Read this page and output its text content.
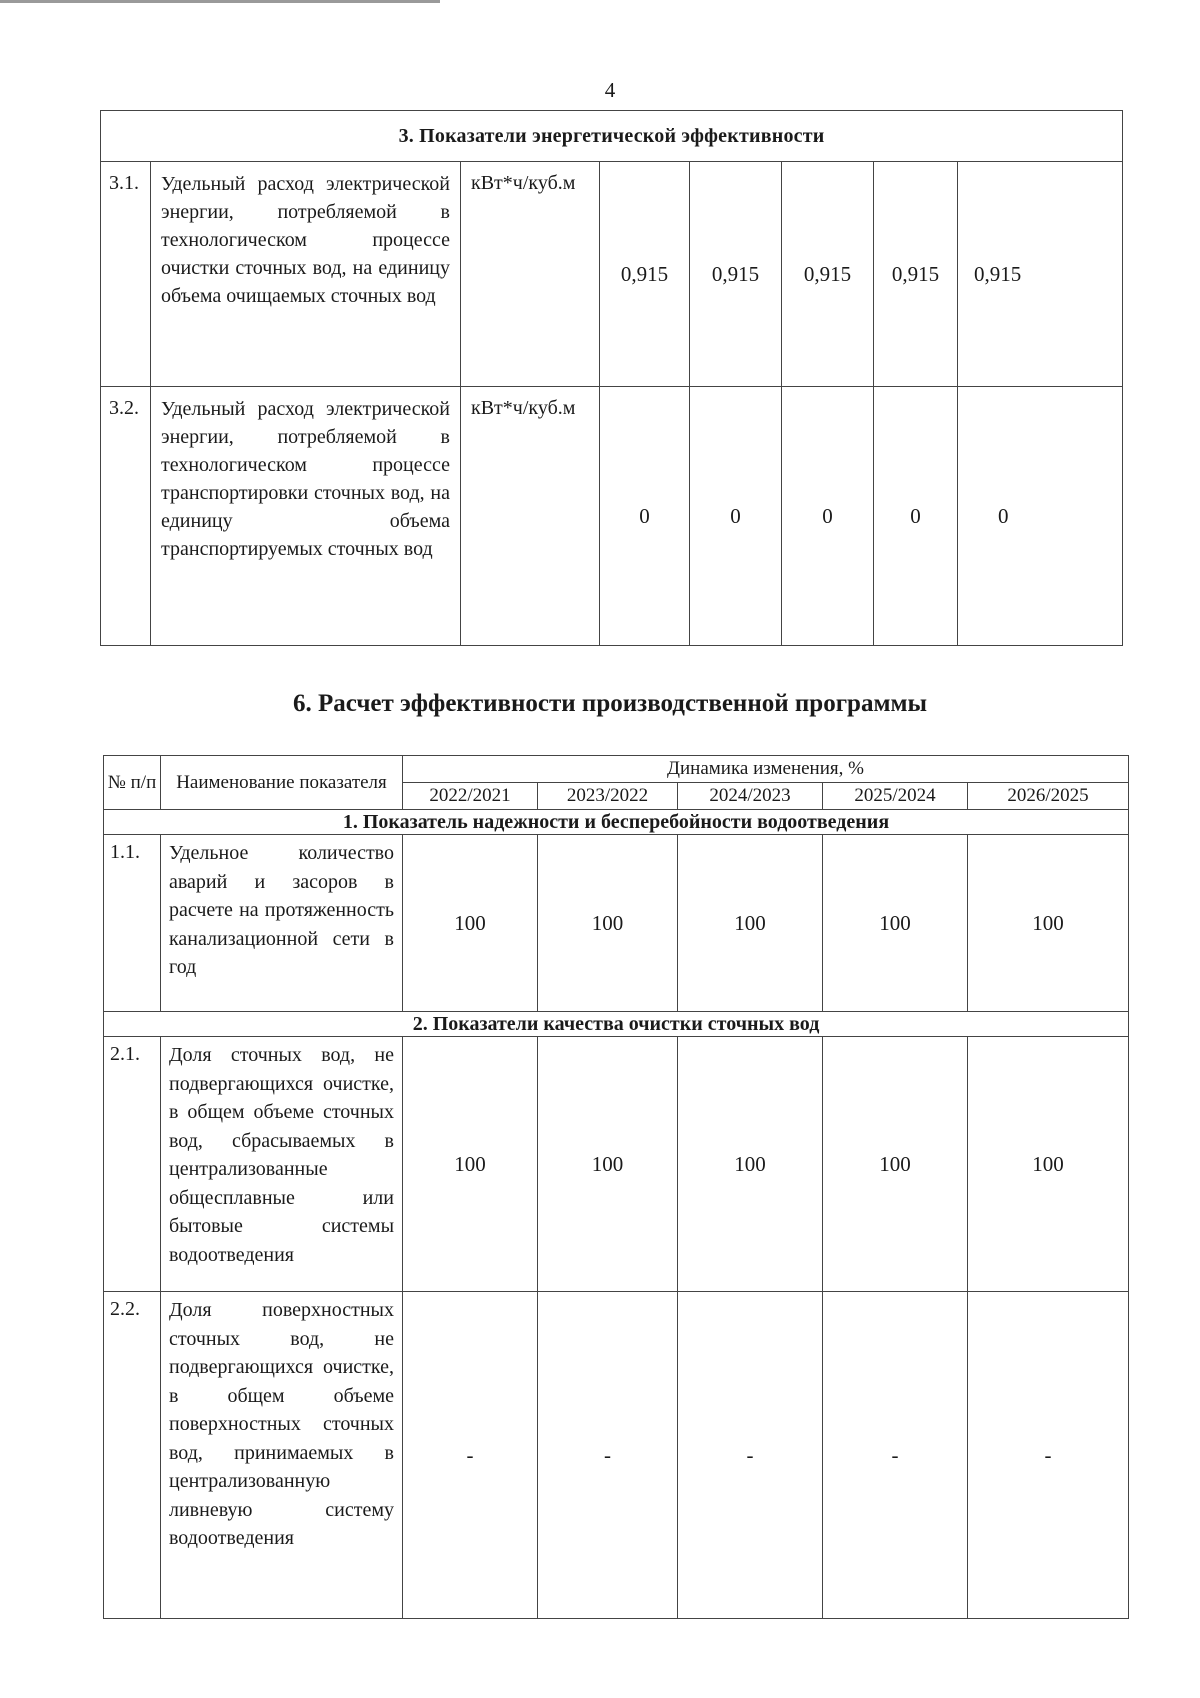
4
3. Показатели энергетической эффективности							
3.1.	Удельный расход электрической энергии, потребляемой в технологическом процессе очистки сточных вод, на единицу объема очищаемых сточных вод	кВт*ч/куб.м	0,915	0,915	0,915	0,915	0,915
3.2.	Удельный расход электрической энергии, потребляемой в технологическом процессе транспортировки сточных вод, на единицу объема транспортируемых сточных вод	кВт*ч/куб.м	0	0	0	0	0
6. Расчет эффективности производственной программы
№ п/п	Наименование показателя	Динамика изменения, %				
		2022/2021	2023/2022	2024/2023	2025/2024	2026/2025
1. Показатель надежности и бесперебойности водоотведения						
1.1.	Удельное количество аварий и засоров в расчете на протяженность канализационной сети в год	100	100	100	100	100
2. Показатели качества очистки сточных вод						
2.1.	Доля сточных вод, не подвергающихся очистке, в общем объеме сточных вод, сбрасываемых в централизованные общесплавные или бытовые системы водоотведения	100	100	100	100	100
2.2.	Доля поверхностных сточных вод, не подвергающихся очистке, в общем объеме поверхностных сточных вод, принимаемых в централизованную ливневую систему водоотведения	-	-	-	-	-
